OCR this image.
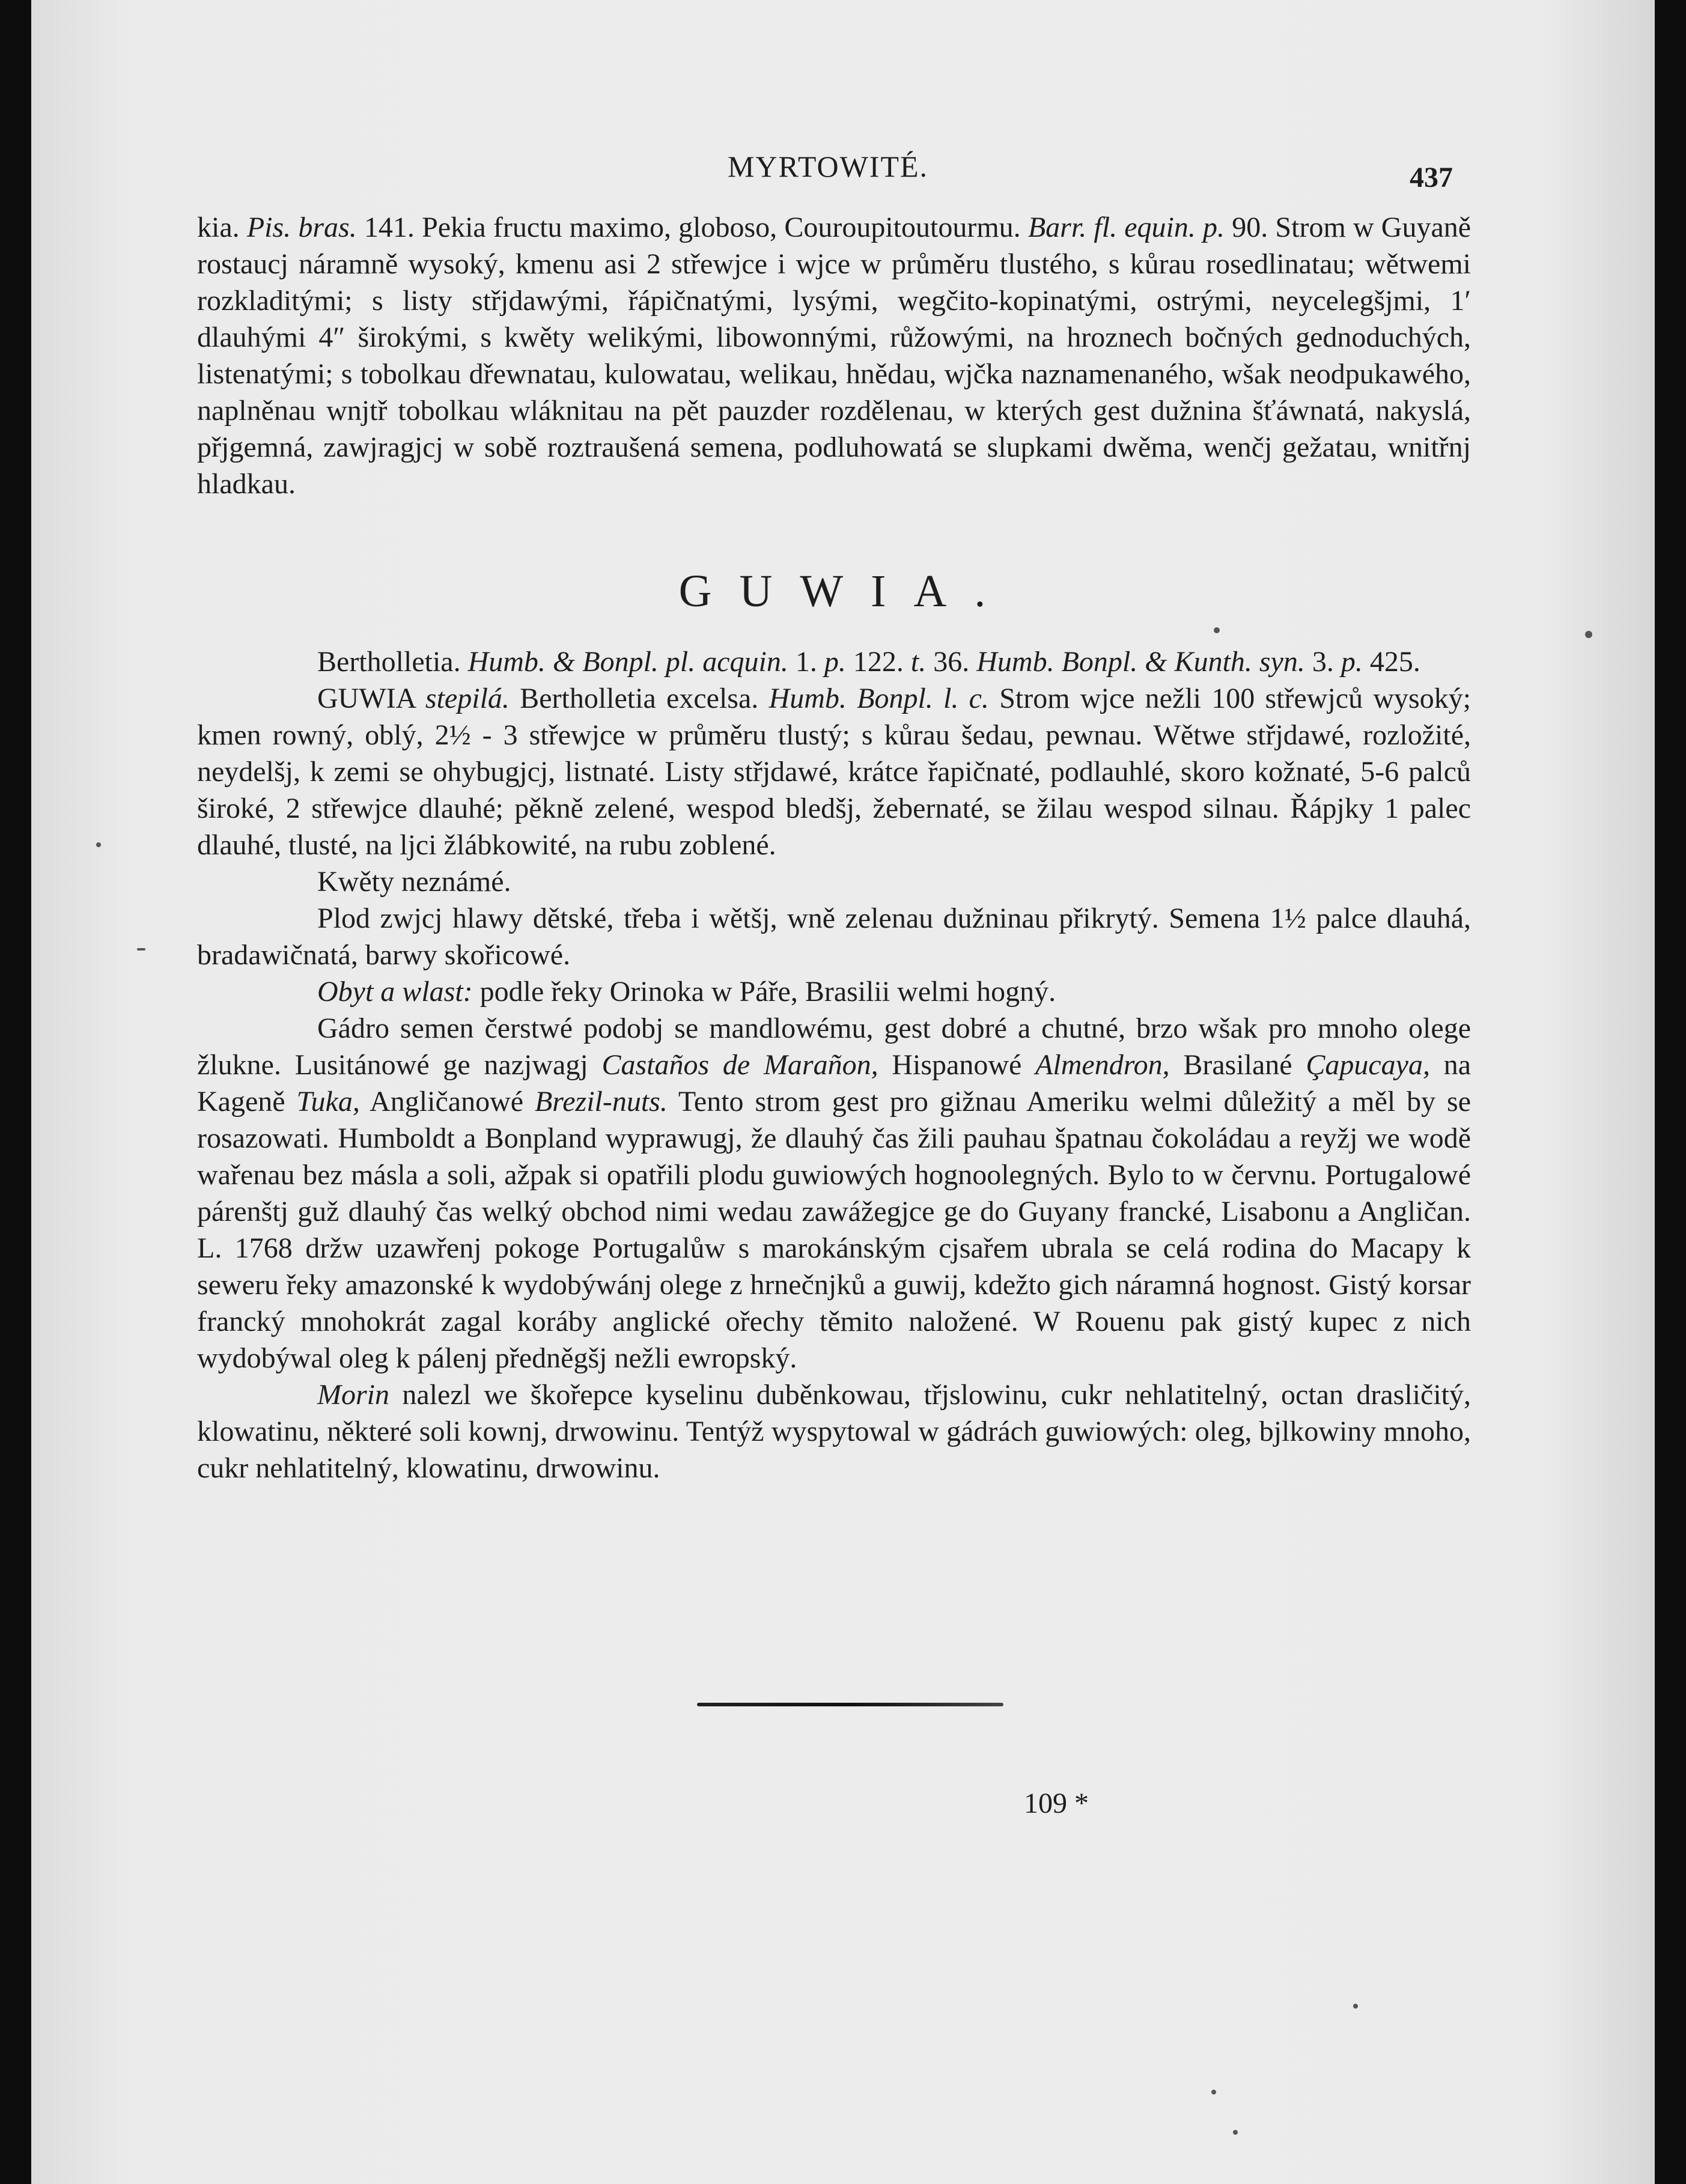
MYRTOWITÉ.	437

kia. Pis. bras. 141. Pekia fructu maximo, globoso, Couroupitoutourmu. Barr. fl. equin. p. 90. Strom w Guyaně rostaucj náramně wysoký, kmenu asi 2 střewjce i wjce w průměru tlustého, s kůrau rosedlinatau; wětwemi rozkladitými; s listy střjdawými, řápičnatými, lysými, wegčito-kopinatými, ostrými, neycelegšjmi, 1′ dlauhými 4″ širokými, s kwěty welikými, libowonnými, růžowými, na hroznech bočných gednoduchých, listenatými; s tobolkau dřewnatau, kulowatau, welikau, hnědau, wjčka naznamenaného, wšak neodpukawého, naplněnau wnjtř tobolkau wláknitau na pět pauzder rozdělenau, w kterých gest dužnina šťáwnatá, nakyslá, přjgemná, zawjragjcj w sobě roztraušená semena, podluhowatá se slupkami dwěma, wenčj gežatau, wnitřnj hladkau.

GUWIA.

Bertholletia. Humb. & Bonpl. pl. acquin. 1. p. 122. t. 36. Humb. Bonpl. & Kunth. syn. 3. p. 425.

GUWIA stepilá. Bertholletia excelsa. Humb. Bonpl. l. c. Strom wjce nežli 100 střewjců wysoký; kmen rowný, oblý, 2½ - 3 střewjce w průměru tlustý; s kůrau šedau, pewnau. Wětwe střjdawé, rozložité, neydelšj, k zemi se ohybugjcj, listnaté. Listy střjdawé, krátce řapičnaté, podlauhlé, skoro kožnaté, 5-6 palců široké, 2 střewjce dlauhé; pěkně zelené, wespod bledšj, žebernaté, se žilau wespod silnau. Řápjky 1 palec dlauhé, tlusté, na ljci žlábkowité, na rubu zoblené.

Kwěty neznámé.

Plod zwjcj hlawy dětské, třeba i wětšj, wně zelenau dužninau přikrytý. Semena 1½ palce dlauhá, bradawičnatá, barwy skořicowé.

Obyt a wlast: podle řeky Orinoka w Páře, Brasilii welmi hogný.

Gádro semen čerstwé podobj se mandlowému, gest dobré a chutné, brzo wšak pro mnoho olege žlukne. Lusitánowé ge nazjwagj Castaños de Marañon, Hispanowé Almendron, Brasilané Çapucaya, na Kageně Tuka, Angličanowé Brezil-nuts. Tento strom gest pro gižnau Ameriku welmi důležitý a měl by se rosazowati. Humboldt a Bonpland wyprawugj, že dlauhý čas žili pauhau špatnau čokoládau a reyžj we wodě wařenau bez másla a soli, ažpak si opatřili plodu guwiowých hognoolegných. Bylo to w červnu. Portugalowé párenštj guž dlauhý čas welký obchod nimi wedau zawážegjce ge do Guyany francké, Lisabonu a Angličan. L. 1768 držw uzawřenj pokoge Portugalůw s marokánským cjsařem ubrala se celá rodina do Macapy k seweru řeky amazonské k wydobýwánj olege z hrnečnjků a guwij, kdežto gich náramná hognost. Gistý korsar francký mnohokrát zagal koráby anglické ořechy těmito naložené. W Rouenu pak gistý kupec z nich wydobýwal oleg k pálenj předněgšj nežli ewropský.

Morin nalezl we škořepce kyselinu duběnkowau, třjslowinu, cukr nehlatitelný, octan drasličitý, klowatinu, některé soli kownj, drwowinu. Tentýž wyspytowal w gádrách guwiowých: oleg, bjlkowiny mnoho, cukr nehlatitelný, klowatinu, drwowinu.

109 *
